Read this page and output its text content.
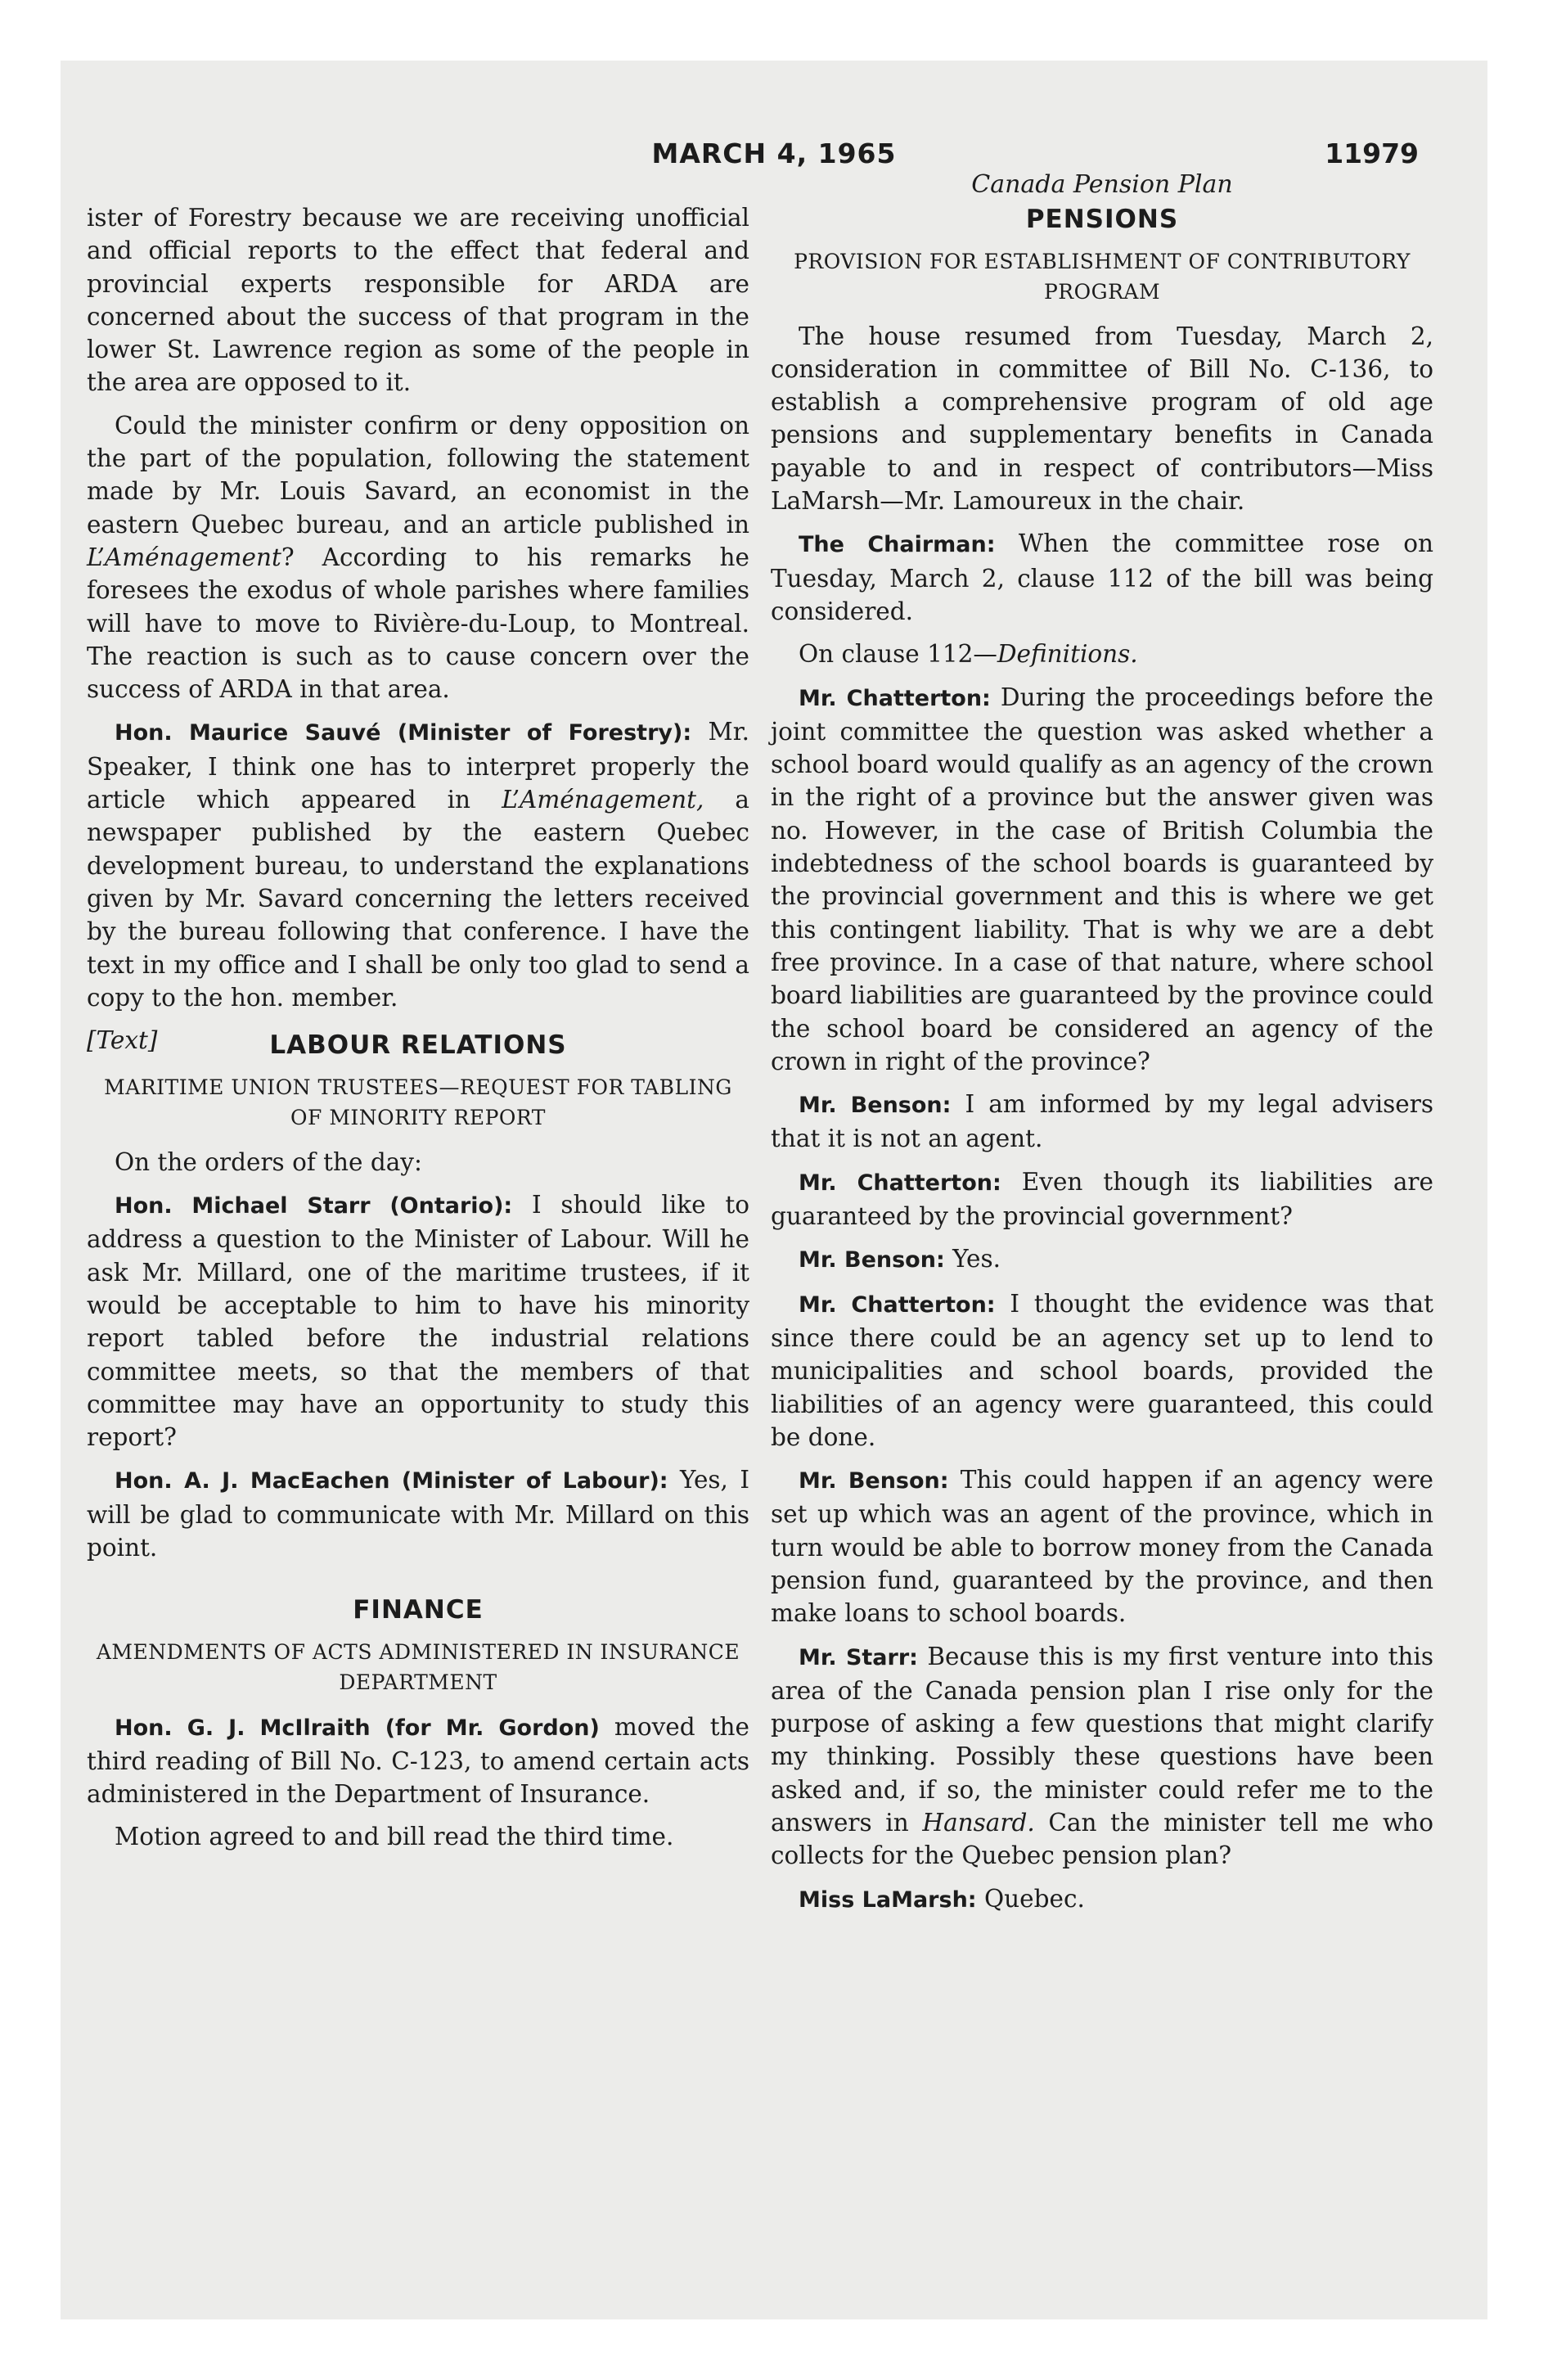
MARCH 4, 1965	11979

ister of Forestry because we are receiving unofficial and official reports to the effect that federal and provincial experts responsible for ARDA are concerned about the success of that program in the lower St. Lawrence region as some of the people in the area are opposed to it.

Could the minister confirm or deny opposition on the part of the population, following the statement made by Mr. Louis Savard, an economist in the eastern Quebec bureau, and an article published in L’Aménagement? According to his remarks he foresees the exodus of whole parishes where families will have to move to Rivière-du-Loup, to Montreal. The reaction is such as to cause concern over the success of ARDA in that area.

Hon. Maurice Sauvé (Minister of Forestry): Mr. Speaker, I think one has to interpret properly the article which appeared in L’Aménagement, a newspaper published by the eastern Quebec development bureau, to understand the explanations given by Mr. Savard concerning the letters received by the bureau following that conference. I have the text in my office and I shall be only too glad to send a copy to the hon. member.

[Text]	LABOUR RELATIONS
MARITIME UNION TRUSTEES—REQUEST FOR TABLING OF MINORITY REPORT

On the orders of the day:

Hon. Michael Starr (Ontario): I should like to address a question to the Minister of Labour. Will he ask Mr. Millard, one of the maritime trustees, if it would be acceptable to him to have his minority report tabled before the industrial relations committee meets, so that the members of that committee may have an opportunity to study this report?

Hon. A. J. MacEachen (Minister of Labour): Yes, I will be glad to communicate with Mr. Millard on this point.

FINANCE
AMENDMENTS OF ACTS ADMINISTERED IN INSURANCE DEPARTMENT

Hon. G. J. McIlraith (for Mr. Gordon) moved the third reading of Bill No. C-123, to amend certain acts administered in the Department of Insurance.

Motion agreed to and bill read the third time.

Canada Pension Plan
PENSIONS
PROVISION FOR ESTABLISHMENT OF CONTRIBUTORY PROGRAM

The house resumed from Tuesday, March 2, consideration in committee of Bill No. C-136, to establish a comprehensive program of old age pensions and supplementary benefits in Canada payable to and in respect of contributors—Miss LaMarsh—Mr. Lamoureux in the chair.

The Chairman: When the committee rose on Tuesday, March 2, clause 112 of the bill was being considered.

On clause 112—Definitions.

Mr. Chatterton: During the proceedings before the joint committee the question was asked whether a school board would qualify as an agency of the crown in the right of a province but the answer given was no. However, in the case of British Columbia the indebtedness of the school boards is guaranteed by the provincial government and this is where we get this contingent liability. That is why we are a debt free province. In a case of that nature, where school board liabilities are guaranteed by the province could the school board be considered an agency of the crown in right of the province?

Mr. Benson: I am informed by my legal advisers that it is not an agent.

Mr. Chatterton: Even though its liabilities are guaranteed by the provincial government?

Mr. Benson: Yes.

Mr. Chatterton: I thought the evidence was that since there could be an agency set up to lend to municipalities and school boards, provided the liabilities of an agency were guaranteed, this could be done.

Mr. Benson: This could happen if an agency were set up which was an agent of the province, which in turn would be able to borrow money from the Canada pension fund, guaranteed by the province, and then make loans to school boards.

Mr. Starr: Because this is my first venture into this area of the Canada pension plan I rise only for the purpose of asking a few questions that might clarify my thinking. Possibly these questions have been asked and, if so, the minister could refer me to the answers in Hansard. Can the minister tell me who collects for the Quebec pension plan?

Miss LaMarsh: Quebec.
